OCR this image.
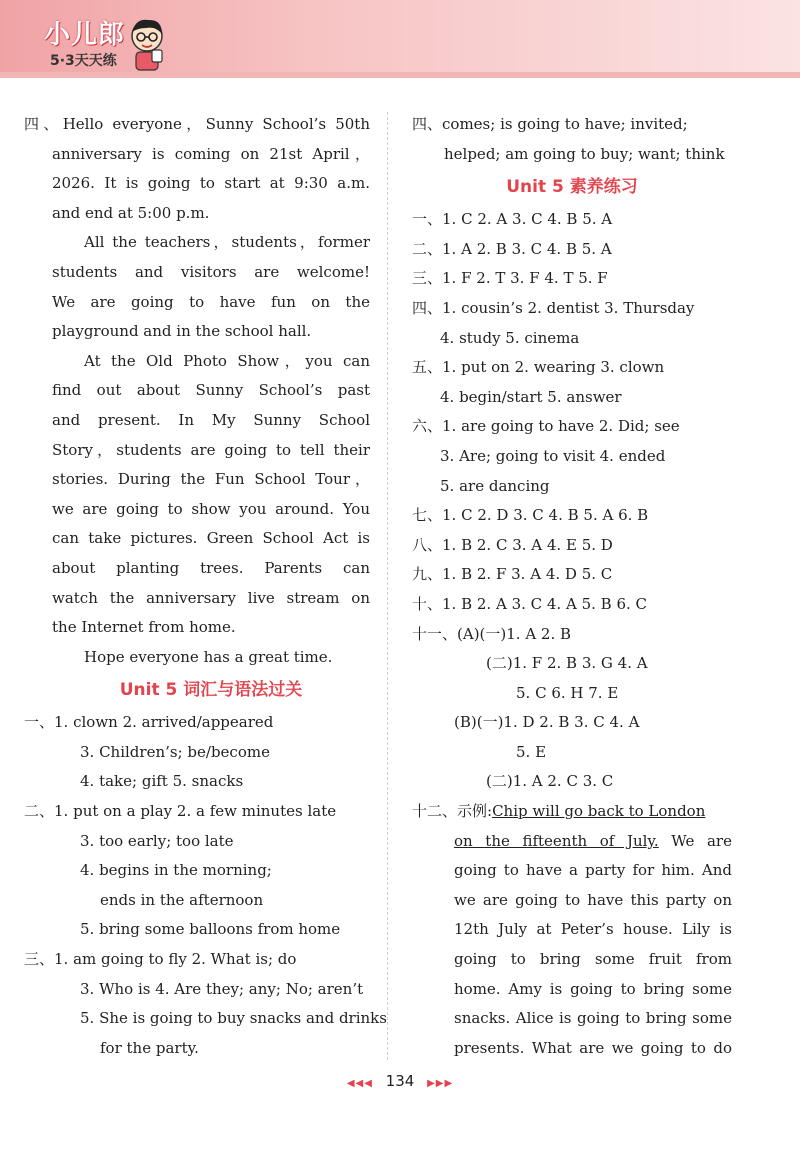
小儿郎
5·3天天练
四、Hello everyone，Sunny School’s 50th
anniversary is coming on 21st April，
2026. It is going to start at 9:30 a.m.
and end at 5:00 p.m.
All the teachers，students，former
students and visitors are welcome!
We are going to have fun on the
playground and in the school hall.
At the Old Photo Show，you can
find out about Sunny School’s past
and present. In My Sunny School
Story，students are going to tell their
stories. During the Fun School Tour，
we are going to show you around. You
can take pictures. Green School Act is
about planting trees. Parents can
watch the anniversary live stream on
the Internet from home.
Hope everyone has a great time.
Unit 5 词汇与语法过关
一、1. clown 2. arrived/appeared
3. Children’s; be/become
4. take; gift 5. snacks
二、1. put on a play 2. a few minutes late
3. too early; too late
4. begins in the morning;
ends in the afternoon
5. bring some balloons from home
三、1. am going to fly 2. What is; do
3. Who is 4. Are they; any; No; aren’t
5. She is going to buy snacks and drinks
for the party.
四、comes; is going to have; invited;
helped; am going to buy; want; think
Unit 5 素养练习
一、1. C 2. A 3. C 4. B 5. A
二、1. A 2. B 3. C 4. B 5. A
三、1. F 2. T 3. F 4. T 5. F
四、1. cousin’s 2. dentist 3. Thursday
4. study 5. cinema
五、1. put on 2. wearing 3. clown
4. begin/start 5. answer
六、1. are going to have 2. Did; see
3. Are; going to visit 4. ended
5. are dancing
七、1. C 2. D 3. C 4. B 5. A 6. B
八、1. B 2. C 3. A 4. E 5. D
九、1. B 2. F 3. A 4. D 5. C
十、1. B 2. A 3. C 4. A 5. B 6. C
十一、(A)(一)1. A 2. B
(二)1. F 2. B 3. G 4. A
5. C 6. H 7. E
(B)(一)1. D 2. B 3. C 4. A
5. E
(二)1. A 2. C 3. C
十二、示例:Chip will go back to London
on the fifteenth of July. We are
going to have a party for him. And
we are going to have this party on
12th July at Peter’s house. Lily is
going to bring some fruit from
home. Amy is going to bring some
snacks. Alice is going to bring some
presents. What are we going to do
◀◀◀ 134 ▶▶▶
